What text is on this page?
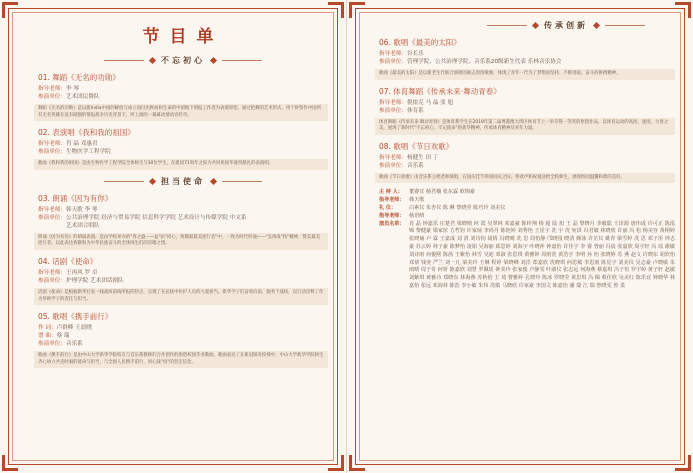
节目单
不忘初心
01. 舞蹈《无名的功勋》
指导老师：李 琴
参演单位：艺术团民舞队
舞蹈《无名的功勋》是以新India中国的解放与成立而付出鲜血和生命的中国地下情报工作者为表演原型。通过把舞的艺术形式，用于拼祭作中国所有无名英雄在没有硝烟的情报战争历史背景下，所上演的一幕幕动情动容传奇。
02. 表演唱《我和我的祖国》
指导老师：肖 晶 邓惠君
参演单位：生物医学工程学院
歌曲《我和我的祖国》是由生物医学工程学院全体师生与30位学生，在建国71周年之际为共同祖国华诞所献礼的表演唱。
担当使命
03. 朗诵《因为有你》
指导老师：韩天歌 李 琴
参演单位：公共治理学院 经济与贸易学院 信息科学学院 艺术设计与传媒学院 中文系
艺术团合唱队
朗诵《因为有你》的朗诵表演，是由学校举办的"春之盛——益"抗"同心，致敬最最美逆行者"中，一致为时代所涌——"弘扬战"疫"精神，赞美最美逆行者。以此表达致敬和为中华民族奋斗的全体师生们的崇敬之情。
04. 话剧《使命》
指导老师：王再风 罗 卓
参演单位：护理学院 艺术团话剧队
话剧《使命》是根据新华社发一线战疫前线所报的热点，呈现了在抗疫中医护人员的大爱担当。新华学子们奋勇向前，服务于战疫，以行动诠释了作为华师学子的责任与担当。
05. 歌唱《携手前行》
作 词：卢群峰 王晨晓
谱 曲：蔡 瑞
参演单位：音乐系
歌曲《携手前行》是由中山大学新华学院校友与音乐系教师们合作创作的原创校园毕业歌曲，歌曲表达了在新冠肺炎疫情中，中山大学新华学院师生齐心协力共克时艰的使命与担当，与全国人民携手前行，同心战"疫"的坚定信念。
传承创新
06. 歌唱《最美的太阳》
指导老师：谷长乐
参演单位：管理学院、公共治理学院、音乐系20级新生代表 乐林音乐协会
歌曲《最美的太阳》是以新老生代联合演唱的励志原创歌曲，体现了青年一代为了梦想而坚持、不断进取、奋斗的拼搏精神。
07. 体育舞蹈《传承未来·舞动青春》
指导老师：倪依克 马 晶 张 旭
参演单位：体育系
体育舞蹈《传承未来·舞动青春》是体育系学生在2019年第二届粤港澳大湾区体育节上一举夺得一等奖的原创作品，以体育运动的高度、速度、力度之美，展现了新时代"不忘初心、牢记使命"的新华精神，传承体育精神及青年力量。
08. 歌唱《节日欢歌》
指导老师：杨健生 田 丁
参演单位：音乐系
歌曲《节日欢歌》由音乐系主唱老师演唱，在国庆佳节举国同庆之际，将欢声和祝福送给全校师生，展现校园温馨和谐的美好。
主 持 人：	董睿宜 杨君楠 张东霖 欧锦豪
指导老师： 韩天歌
礼 仪：	白素仪 朱杏仪 陈 琳 黎晓莹 陈巧玲 刘美仪
指导老师： 杨语晴
演员名单： 肖 晶 钟嘉乐 庄楚君 梁晓晴 何 霞 吴翠林 邓嘉豪 陈梓翔 杨 超 陆 旭 王 晶 黎晓月 李毅聪 王泽源 唐伟成 许可正 陈泓锦 黎健豪 梁家炫 方哲钧 许家灿 李尚丹 陈艳婷 刘秀艳 王星宇 冼 宇 冼 宛淇 冯君敏 林晓欣 许丽 冯 松 杨美容 黄栩婷 张晓瑜 卢 霖 王嘉成 刘 清 刘诗钧 胡倩 冯晓晴 冼 思 周怡静 邝晓园 晓清 颜泳 许芷仪 姚青 梁雪婷 冼 思 邓子彤 钟志豪 苏云婷 林子豪 陈梦怡 凌娟 吴海丽 邱思婷 刘海宇 叶晓萍 钟嘉怡 许佳宇 李 睿 曾丽 冯晨 张嘉欣 周宇轩 冯 瑶 谢敏 刘诗雨 何俊熙 陈茜 王紫怡 林雪 吴迪 邓淑 张思琪 黄雅婷 周雨萱 黄浩宇 李明 孙 怡 张晓婷 苏 燕 赵文 许晓东 胡欣怡 邓倩 钱奕 严兰 刘一凡 梁美玲 王琳 程婷 梁晓峰 刘洋 郑嘉欣 冼晓琪 何思敏 李思雨 陈星宇 刘美仪 吴志豪 卢晓敏 朱雨晴 周子奇 何妍 陈嘉欣 刘慧 罗佩瑶 钟美玲 张家俊 卢静雯 叶淑仪 张志远 何海燕 蔡嘉琪 冯子恒 罗宇婷 黄子轩 赵敏 刘紫琪 黄雅诗 郑晓东 林海燕 苏秋怡 王 琦 曹雅婷 孔晓玲 陈冰 罗晓莹 黄思琪 冯 佩 蔡佳欣 吴美红 陈乐宜 钟晓华 林嘉怡 张远 邓海林 陈浩 李小敏 朱伟 冼敏 马晓欣 许家豪 李国文 陈嘉怡 潘 瑞 江 瑞 曾晓雯 曾 柔
